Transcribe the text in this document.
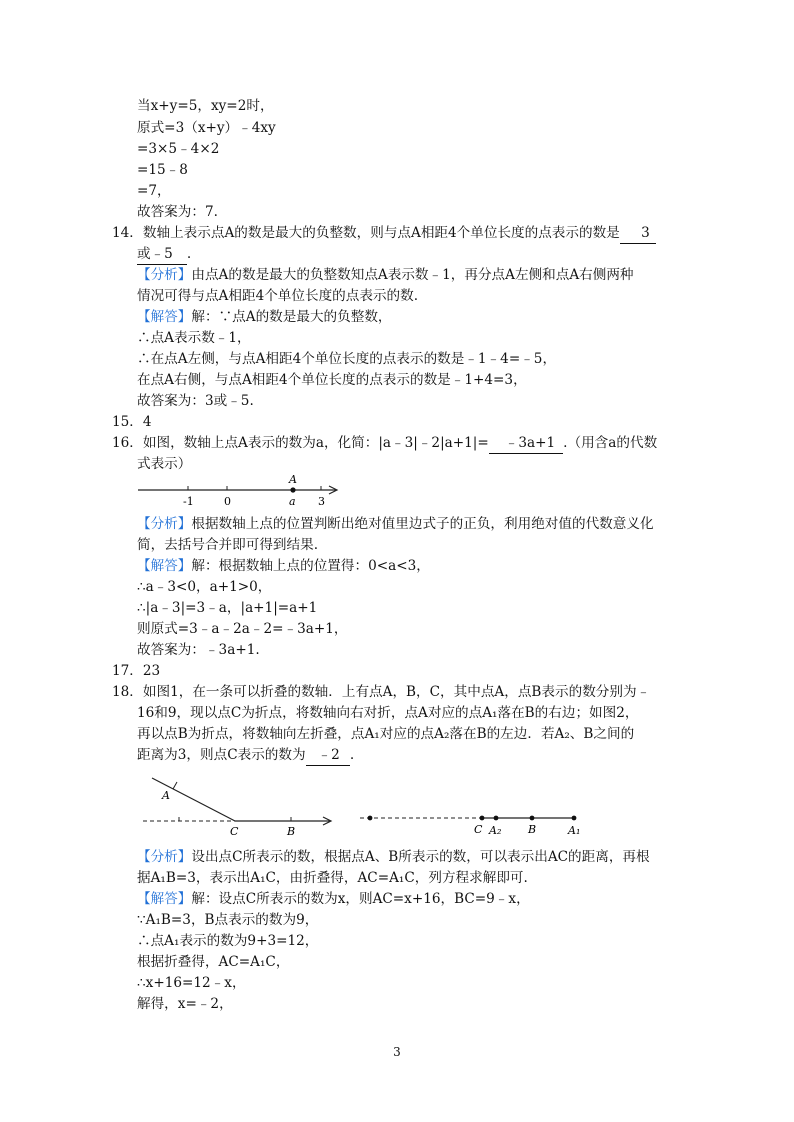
当x+y=5，xy=2时，
原式=3（x+y）﹣4xy
=3×5﹣4×2
=15﹣8
=7，
故答案为：7.
14．数轴上表示点A的数是最大的负整数，则与点A相距4个单位长度的点表示的数是 3
或﹣5 .
【分析】由点A的数是最大的负整数知点A表示数﹣1，再分点A左侧和点A右侧两种
情况可得与点A相距4个单位长度的点表示的数.
【解答】解：∵点A的数是最大的负整数，
∴点A表示数﹣1，
∴在点A左侧，与点A相距4个单位长度的点表示的数是﹣1﹣4=﹣5，
在点A右侧，与点A相距4个单位长度的点表示的数是﹣1+4=3，
故答案为：3或﹣5.
15．4
16．如图，数轴上点A表示的数为a，化简：|a﹣3|﹣2|a+1|= ﹣3a+1 .（用含a的代数
式表示）
A
-1	0	a 3
【分析】根据数轴上点的位置判断出绝对值里边式子的正负，利用绝对值的代数意义化
简，去括号合并即可得到结果.
【解答】解：根据数轴上点的位置得：0<a<3，
∴a﹣3<0，a+1>0，
∴|a﹣3|=3﹣a，|a+1|=a+1
则原式=3﹣a﹣2a﹣2=﹣3a+1，
故答案为：﹣3a+1.
17．23
18．如图1，在一条可以折叠的数轴．上有点A，B，C，其中点A，点B表示的数分别为﹣
16和9，现以点C为折点，将数轴向右对折，点A对应的点A₁落在B的右边；如图2，
再以点B为折点，将数轴向左折叠，点A₁对应的点A₂落在B的左边．若A₂、B之间的
距离为3，则点C表示的数为 ﹣2 .
A
C	B	C A₂ B	A₁
【分析】设出点C所表示的数，根据点A、B所表示的数，可以表示出AC的距离，再根
据A₁B=3，表示出A₁C，由折叠得，AC=A₁C，列方程求解即可.
【解答】解：设点C所表示的数为x，则AC=x+16，BC=9﹣x，
∵A₁B=3，B点表示的数为9，
∴点A₁表示的数为9+3=12，
根据折叠得，AC=A₁C，
∴x+16=12﹣x，
解得，x=﹣2，
3
